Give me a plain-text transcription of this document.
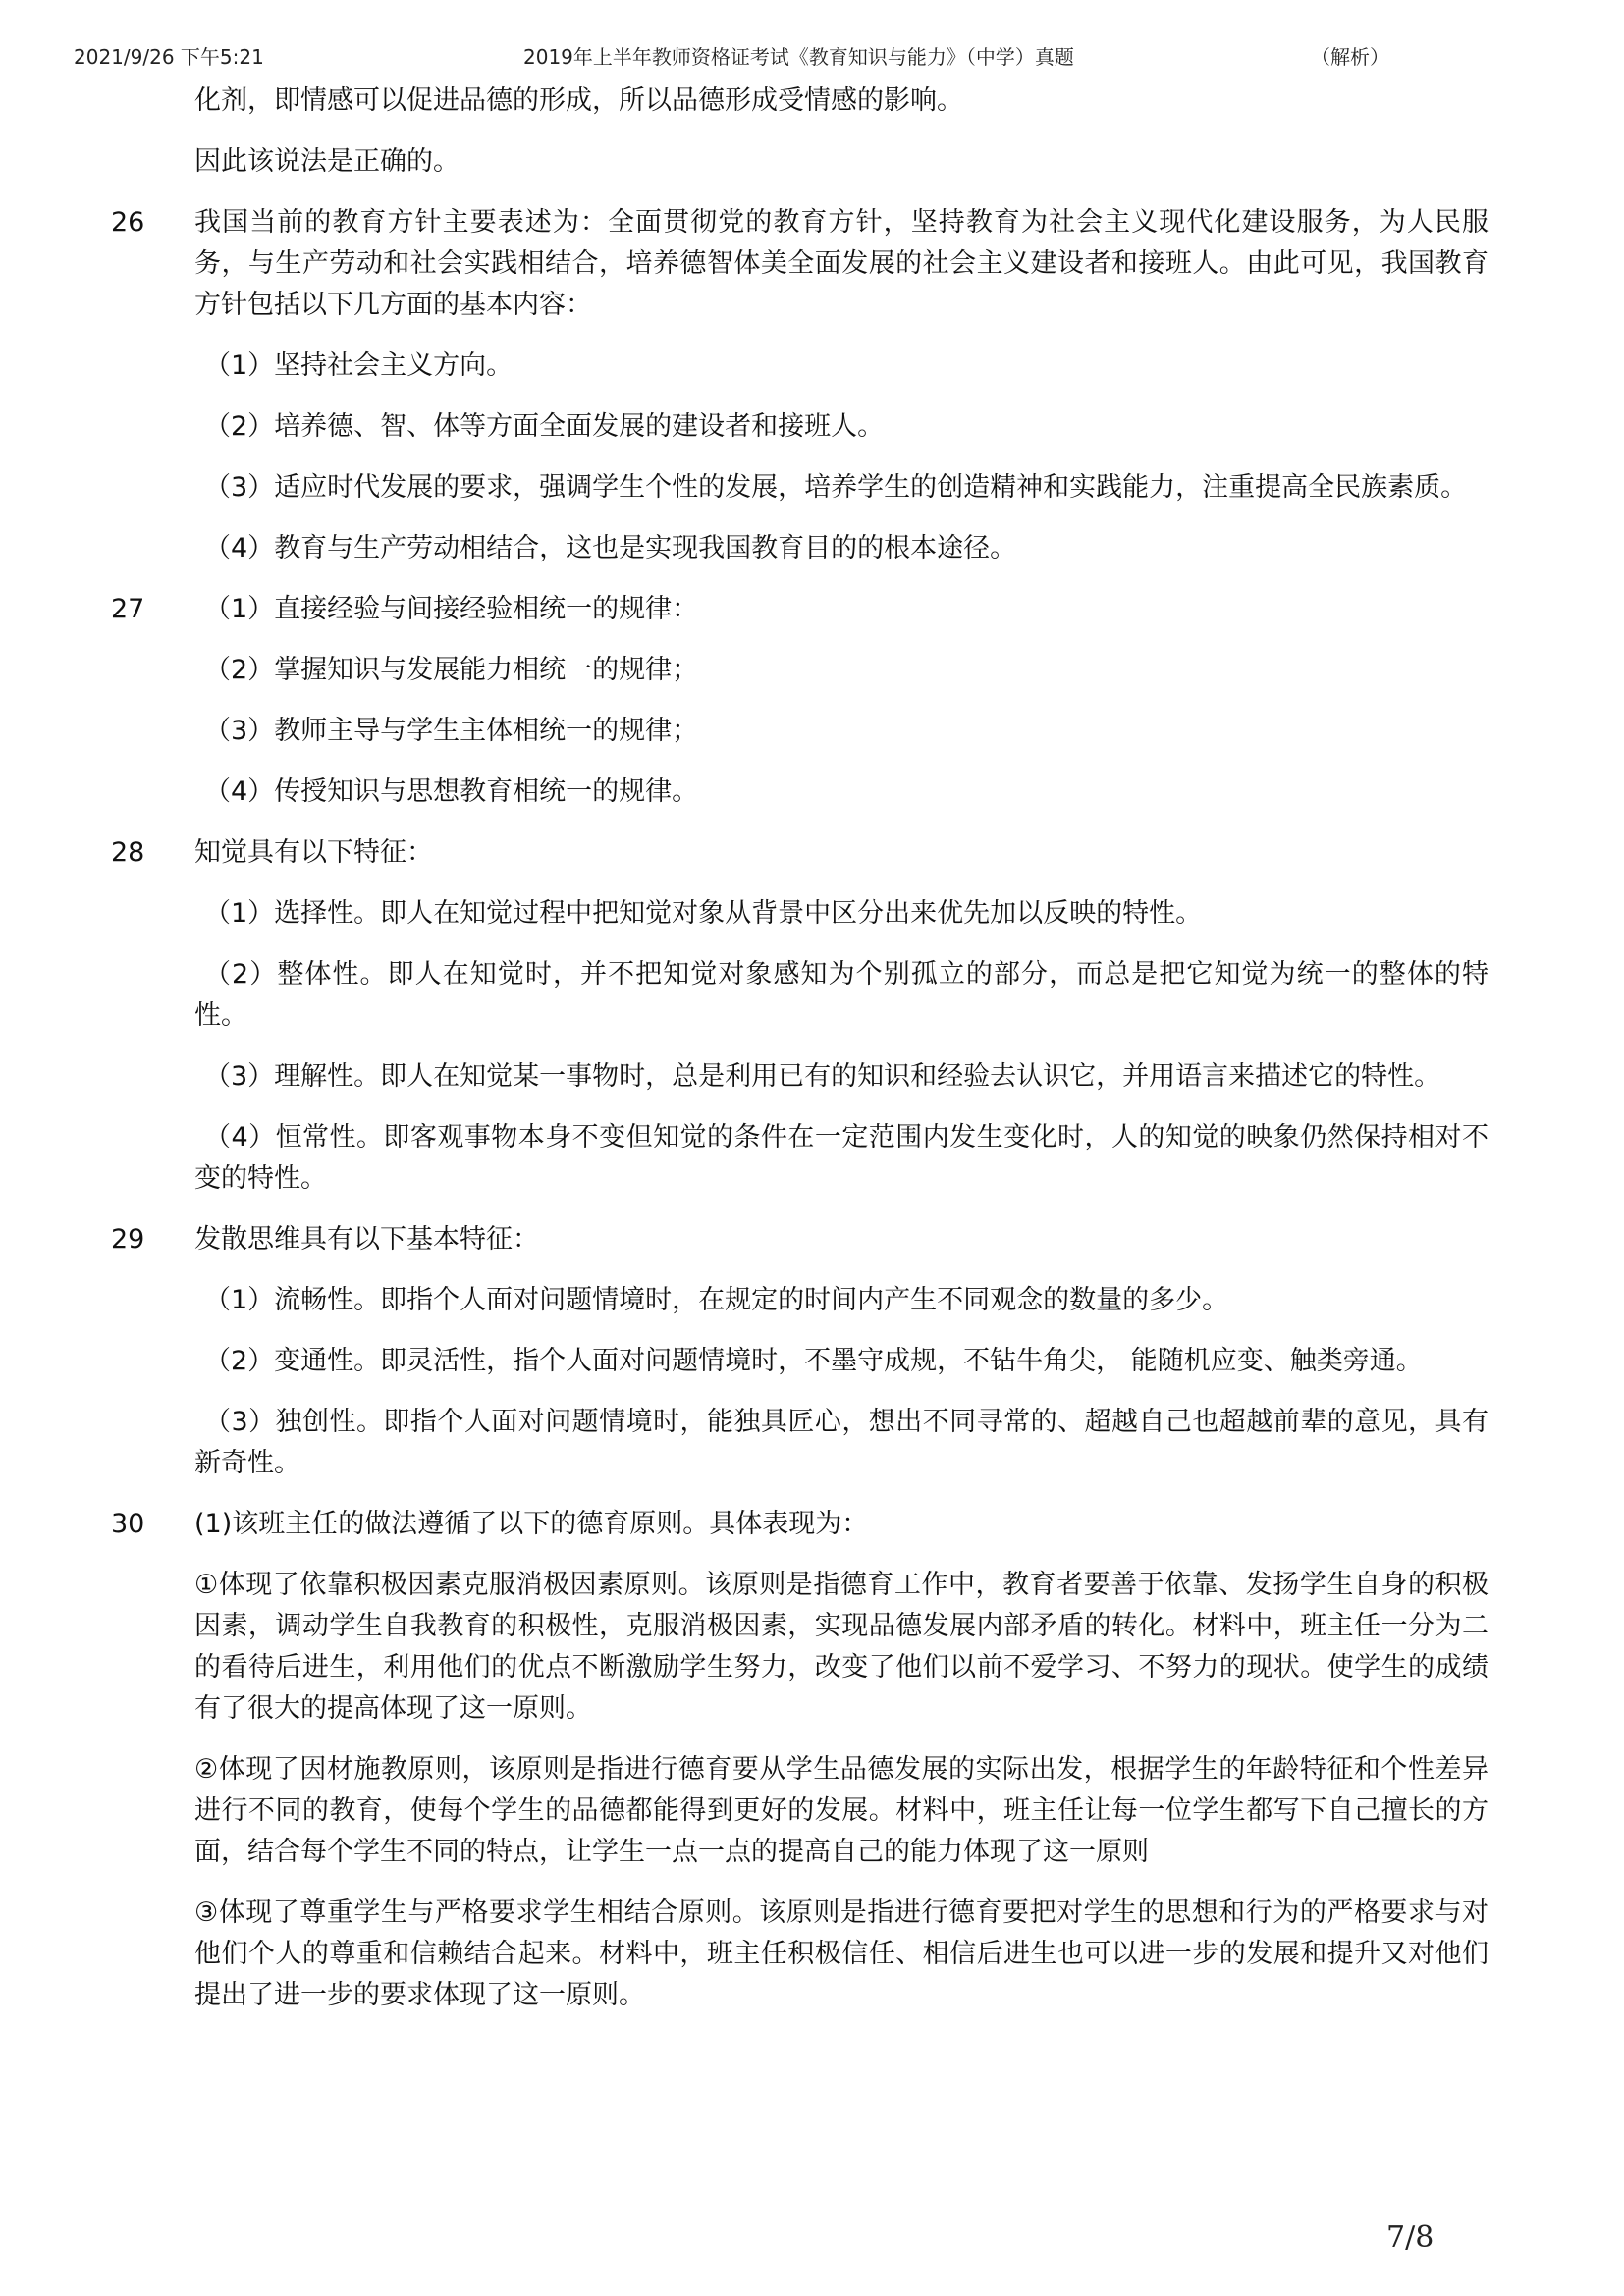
2021/9/26 下午5:21	2019年上半年教师资格证考试《教育知识与能力》（中学）真题	（解析）

化剂，即情感可以促进品德的形成，所以品德形成受情感的影响。

因此该说法是正确的。

26 我国当前的教育方针主要表述为：全面贯彻党的教育方针，坚持教育为社会主义现代化建设服务，为人民服务，与生产劳动和社会实践相结合，培养德智体美全面发展的社会主义建设者和接班人。由此可见，我国教育方针包括以下几方面的基本内容：

（1）坚持社会主义方向。

（2）培养德、智、体等方面全面发展的建设者和接班人。

（3）适应时代发展的要求，强调学生个性的发展，培养学生的创造精神和实践能力，注重提高全民族素质。

（4）教育与生产劳动相结合，这也是实现我国教育目的的根本途径。

27	（1）直接经验与间接经验相统一的规律：

（2）掌握知识与发展能力相统一的规律；

（3）教师主导与学生主体相统一的规律；

（4）传授知识与思想教育相统一的规律。

28 知觉具有以下特征：

（1）选择性。即人在知觉过程中把知觉对象从背景中区分出来优先加以反映的特性。

（2）整体性。即人在知觉时，并不把知觉对象感知为个别孤立的部分，而总是把它知觉为统一的整体的特性。

（3）理解性。即人在知觉某一事物时，总是利用已有的知识和经验去认识它，并用语言来描述它的特性。

（4）恒常性。即客观事物本身不变但知觉的条件在一定范围内发生变化时，人的知觉的映象仍然保持相对不变的特性。

29 发散思维具有以下基本特征：

（1）流畅性。即指个人面对问题情境时，在规定的时间内产生不同观念的数量的多少。

（2）变通性。即灵活性，指个人面对问题情境时，不墨守成规，不钻牛角尖， 能随机应变、触类旁通。

（3）独创性。即指个人面对问题情境时，能独具匠心，想出不同寻常的、超越自己也超越前辈的意见，具有新奇性。

30 (1)该班主任的做法遵循了以下的德育原则。具体表现为：

①体现了依靠积极因素克服消极因素原则。该原则是指德育工作中，教育者要善于依靠、发扬学生自身的积极因素，调动学生自我教育的积极性，克服消极因素，实现品德发展内部矛盾的转化。材料中，班主任一分为二的看待后进生，利用他们的优点不断激励学生努力，改变了他们以前不爱学习、不努力的现状。使学生的成绩有了很大的提高体现了这一原则。

②体现了因材施教原则，该原则是指进行德育要从学生品德发展的实际出发，根据学生的年龄特征和个性差异进行不同的教育，使每个学生的品德都能得到更好的发展。材料中，班主任让每一位学生都写下自己擅长的方面，结合每个学生不同的特点，让学生一点一点的提高自己的能力体现了这一原则

③体现了尊重学生与严格要求学生相结合原则。该原则是指进行德育要把对学生的思想和行为的严格要求与对他们个人的尊重和信赖结合起来。材料中，班主任积极信任、相信后进生也可以进一步的发展和提升又对他们提出了进一步的要求体现了这一原则。

7/8
